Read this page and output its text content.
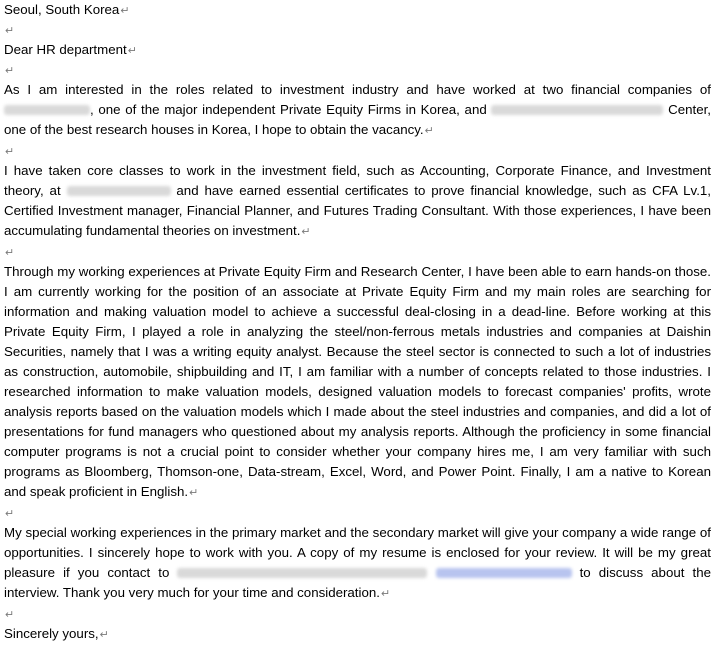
Seoul, South Korea↵
↵
Dear HR department↵
↵
As I am interested in the roles related to investment industry and have worked at two financial companies of , one of the major independent Private Equity Firms in Korea, and	Center, one of the best research houses in Korea, I hope to obtain the vacancy.↵
↵
I have taken core classes to work in the investment field, such as Accounting, Corporate Finance, and Investment theory, at	and have earned essential certificates to prove financial knowledge, such as CFA Lv.1, Certified Investment manager, Financial Planner, and Futures Trading Consultant. With those experiences, I have been accumulating fundamental theories on investment.↵
↵
Through my working experiences at Private Equity Firm and Research Center, I have been able to earn hands-on those. I am currently working for the position of an associate at Private Equity Firm and my main roles are searching for information and making valuation model to achieve a successful deal-closing in a dead-line. Before working at this Private Equity Firm, I played a role in analyzing the steel/non-ferrous metals industries and companies at Daishin Securities, namely that I was a writing equity analyst. Because the steel sector is connected to such a lot of industries as construction, automobile, shipbuilding and IT, I am familiar with a number of concepts related to those industries. I researched information to make valuation models, designed valuation models to forecast companies' profits, wrote analysis reports based on the valuation models which I made about the steel industries and companies, and did a lot of presentations for fund managers who questioned about my analysis reports. Although the proficiency in some financial computer programs is not a crucial point to consider whether your company hires me, I am very familiar with such programs as Bloomberg, Thomson-one, Data-stream, Excel, Word, and Power Point. Finally, I am a native to Korean and speak proficient in English.↵
↵
My special working experiences in the primary market and the secondary market will give your company a wide range of opportunities. I sincerely hope to work with you. A copy of my resume is enclosed for your review. It will be my great pleasure if you contact to	to discuss about the interview. Thank you very much for your time and consideration.↵
↵
Sincerely yours,↵
